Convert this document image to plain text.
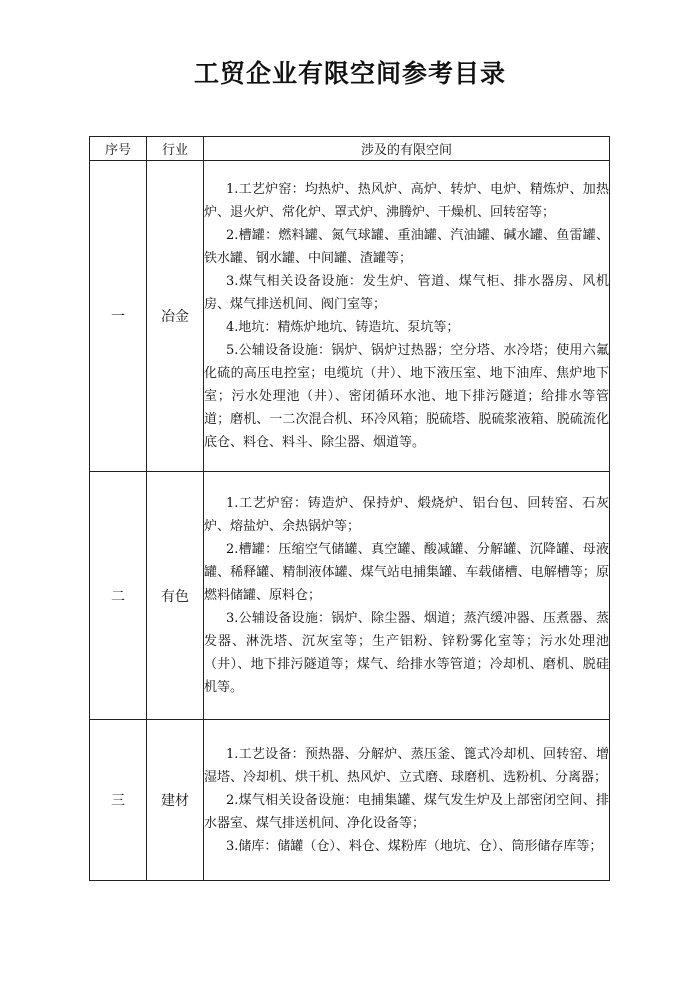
工贸企业有限空间参考目录
序号	行业	涉及的有限空间
一	冶金	1.工艺炉窑：均热炉、热风炉、高炉、转炉、电炉、精炼炉、加热炉、退火炉、常化炉、罩式炉、沸腾炉、干燥机、回转窑等；

2.槽罐：燃料罐、氮气球罐、重油罐、汽油罐、碱水罐、鱼雷罐、铁水罐、钢水罐、中间罐、渣罐等；

3.煤气相关设备设施：发生炉、管道、煤气柜、排水器房、风机房、煤气排送机间、阀门室等；

4.地坑：精炼炉地坑、铸造坑、泵坑等；

5.公辅设备设施：锅炉、锅炉过热器；空分塔、水冷塔；使用六氟化硫的高压电控室；电缆坑（井）、地下液压室、地下油库、焦炉地下室；污水处理池（井）、密闭循环水池、地下排污隧道；给排水等管道；磨机、一二次混合机、环冷风箱；脱硫塔、脱硫浆液箱、脱硫流化底仓、料仓、料斗、除尘器、烟道等。

二	有色	1.工艺炉窑：铸造炉、保持炉、煅烧炉、铝台包、回转窑、石灰炉、熔盐炉、余热锅炉等；

2.槽罐：压缩空气储罐、真空罐、酸减罐、分解罐、沉降罐、母液罐、稀释罐、精制液体罐、煤气站电捕集罐、车载储槽、电解槽等；原燃料储罐、原料仓；

3.公辅设备设施：锅炉、除尘器、烟道；蒸汽缓冲器、压煮器、蒸发器、淋洗塔、沉灰室等；生产铝粉、锌粉雾化室等；污水处理池（井）、地下排污隧道等；煤气、给排水等管道；冷却机、磨机、脱硅机等。

三	建材	1.工艺设备：预热器、分解炉、蒸压釜、篦式冷却机、回转窑、增湿塔、冷却机、烘干机、热风炉、立式磨、球磨机、选粉机、分离器；

2.煤气相关设备设施：电捕集罐、煤气发生炉及上部密闭空间、排水器室、煤气排送机间、净化设备等；

3.储库：储罐（仓）、料仓、煤粉库（地坑、仓）、筒形储存库等；
